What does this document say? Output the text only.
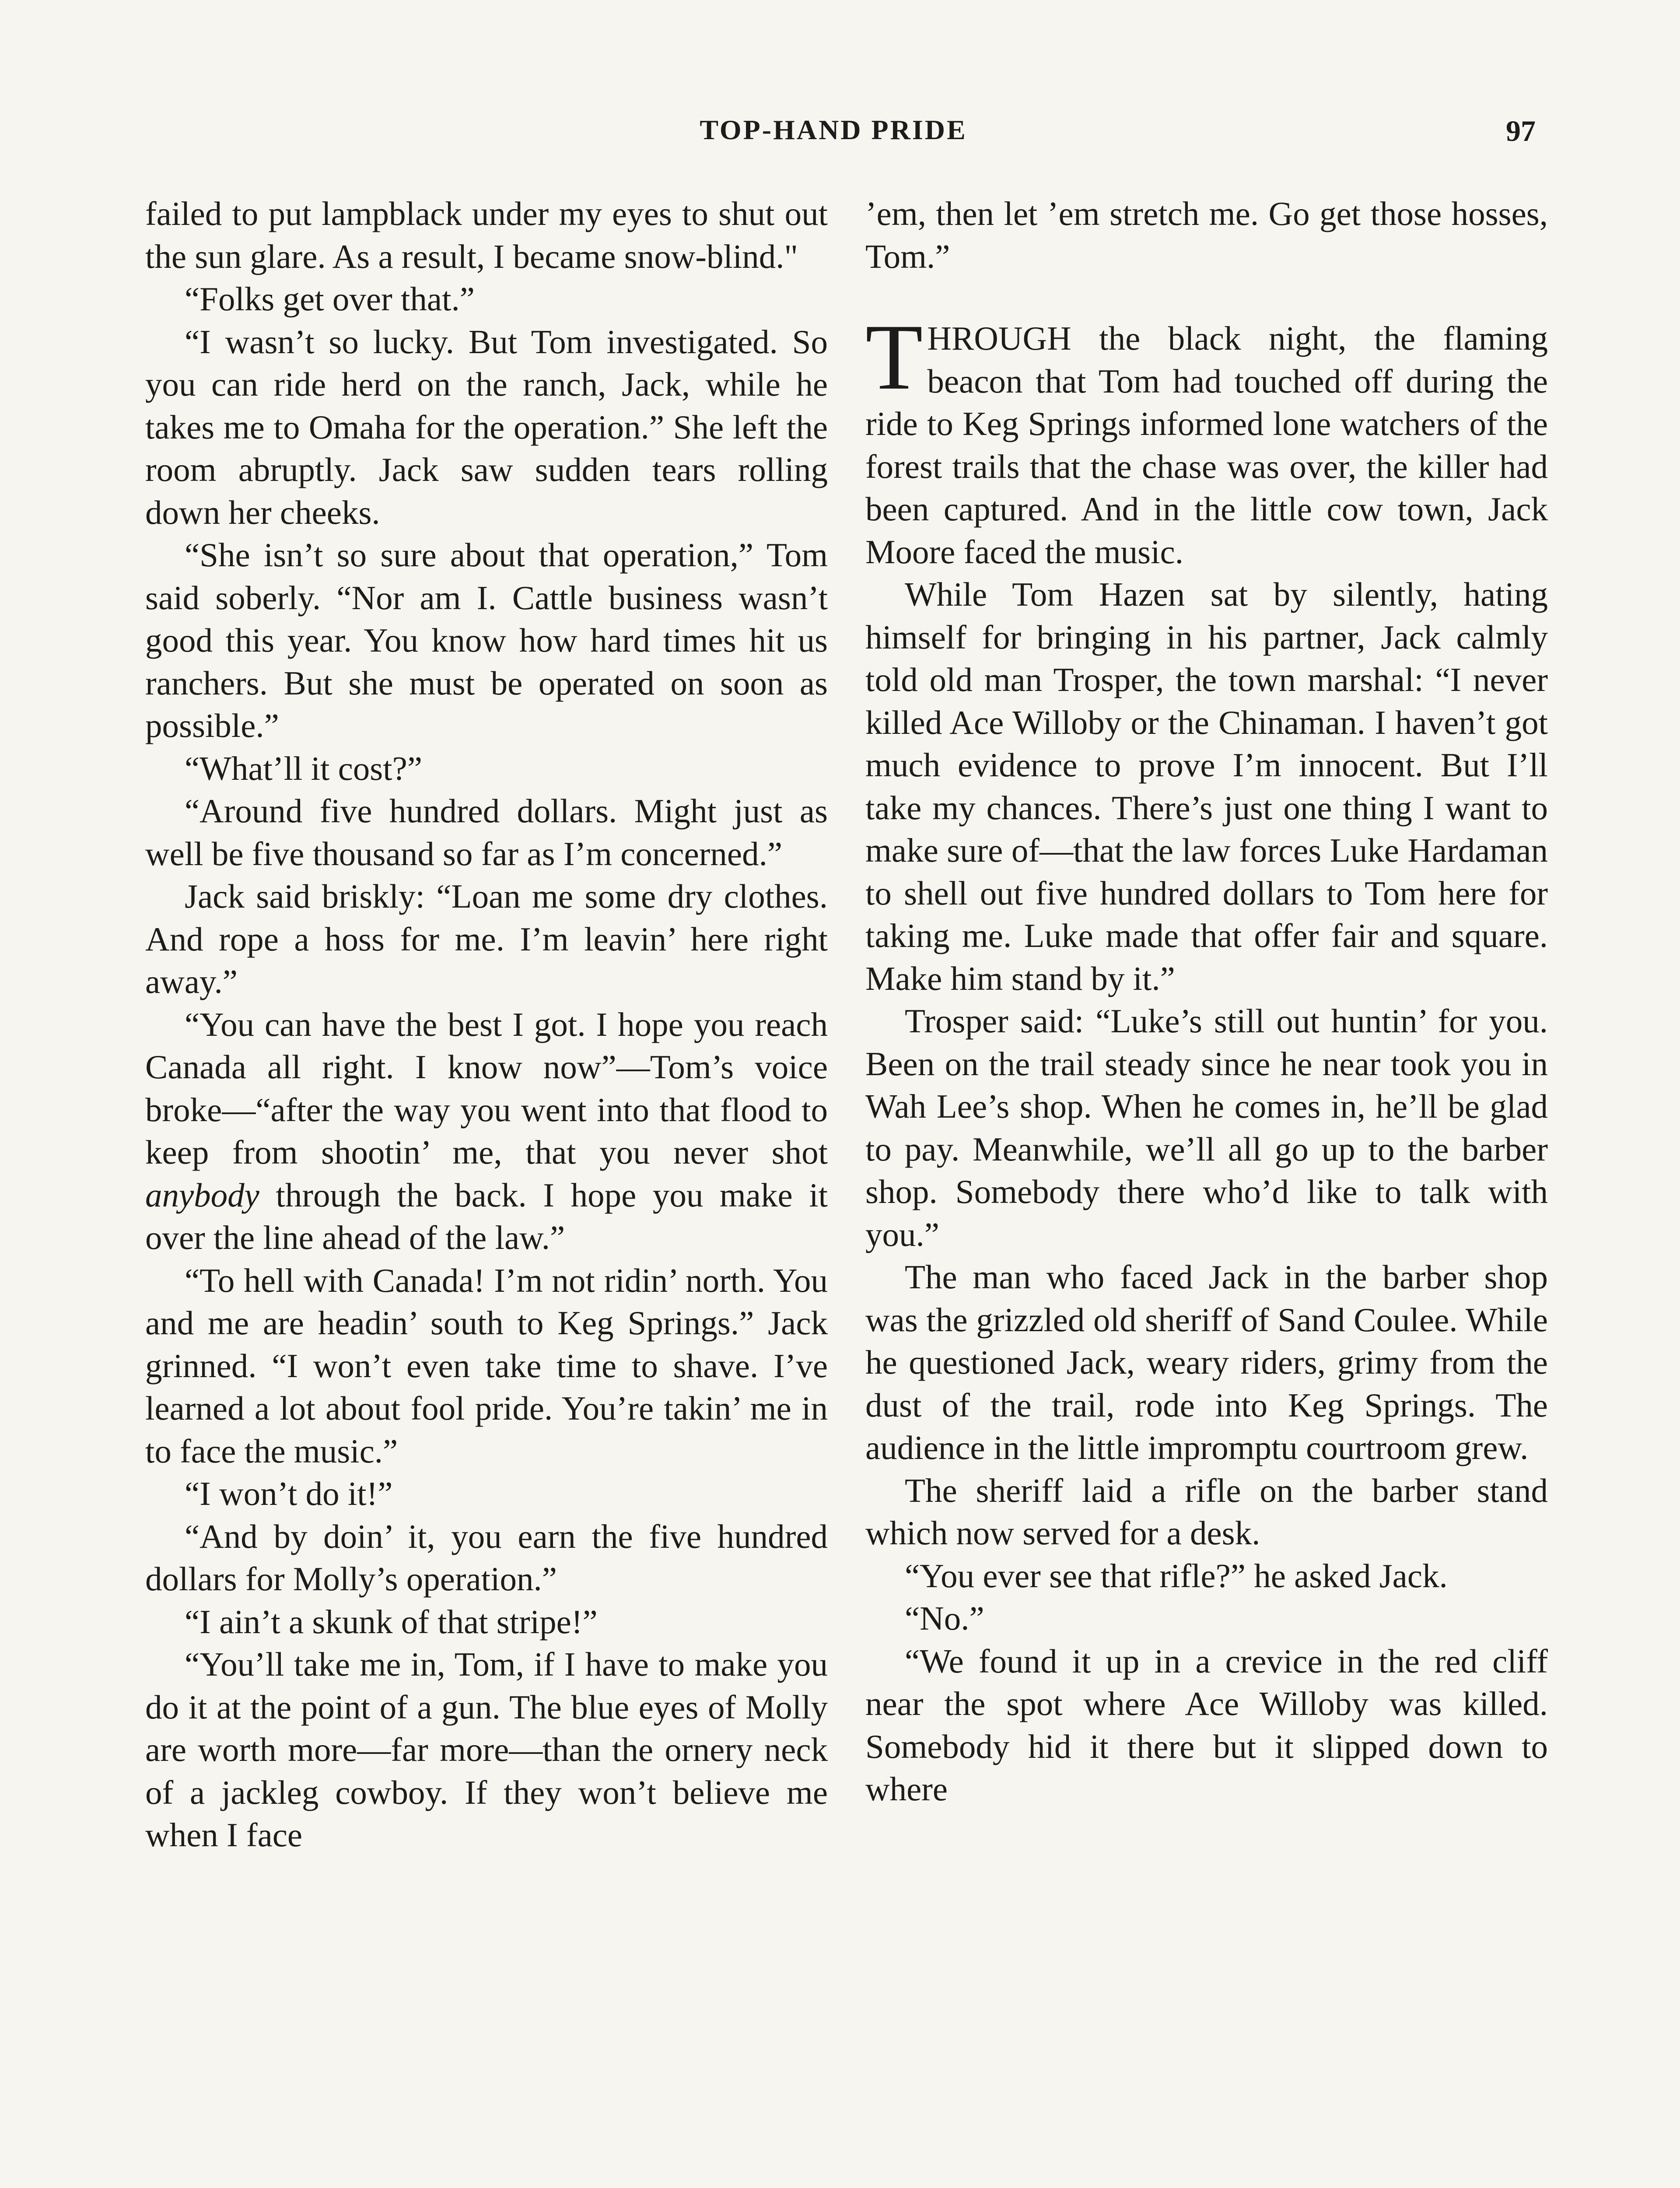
TOP-HAND PRIDE	97

failed to put lampblack under my eyes to shut out the sun glare. As a result, I became snow-blind."

“Folks get over that.”

“I wasn’t so lucky. But Tom investigated. So you can ride herd on the ranch, Jack, while he takes me to Omaha for the operation.” She left the room abruptly. Jack saw sudden tears rolling down her cheeks.

“She isn’t so sure about that operation,” Tom said soberly. “Nor am I. Cattle business wasn’t good this year. You know how hard times hit us ranchers. But she must be operated on soon as possible.”

“What’ll it cost?”

“Around five hundred dollars. Might just as well be five thousand so far as I’m concerned.”

Jack said briskly: “Loan me some dry clothes. And rope a hoss for me. I’m leavin’ here right away.”

“You can have the best I got. I hope you reach Canada all right. I know now”—Tom’s voice broke—“after the way you went into that flood to keep from shootin’ me, that you never shot anybody through the back. I hope you make it over the line ahead of the law.”

“To hell with Canada! I’m not ridin’ north. You and me are headin’ south to Keg Springs.” Jack grinned. “I won’t even take time to shave. I’ve learned a lot about fool pride. You’re takin’ me in to face the music.”

“I won’t do it!”

“And by doin’ it, you earn the five hundred dollars for Molly’s operation.”

“I ain’t a skunk of that stripe!”

“You’ll take me in, Tom, if I have to make you do it at the point of a gun. The blue eyes of Molly are worth more—far more—than the ornery neck of a jackleg cowboy. If they won’t believe me when I face

’em, then let ’em stretch me. Go get those hosses, Tom.”

THROUGH the black night, the flaming beacon that Tom had touched off during the ride to Keg Springs informed lone watchers of the forest trails that the chase was over, the killer had been captured. And in the little cow town, Jack Moore faced the music.

While Tom Hazen sat by silently, hating himself for bringing in his partner, Jack calmly told old man Trosper, the town marshal: “I never killed Ace Willoby or the Chinaman. I haven’t got much evidence to prove I’m innocent. But I’ll take my chances. There’s just one thing I want to make sure of—that the law forces Luke Hardaman to shell out five hundred dollars to Tom here for taking me. Luke made that offer fair and square. Make him stand by it.”

Trosper said: “Luke’s still out huntin’ for you. Been on the trail steady since he near took you in Wah Lee’s shop. When he comes in, he’ll be glad to pay. Meanwhile, we’ll all go up to the barber shop. Somebody there who’d like to talk with you.”

The man who faced Jack in the barber shop was the grizzled old sheriff of Sand Coulee. While he questioned Jack, weary riders, grimy from the dust of the trail, rode into Keg Springs. The audience in the little impromptu courtroom grew.

The sheriff laid a rifle on the barber stand which now served for a desk.

“You ever see that rifle?” he asked Jack.

“No.”

“We found it up in a crevice in the red cliff near the spot where Ace Willoby was killed. Somebody hid it there but it slipped down to where
